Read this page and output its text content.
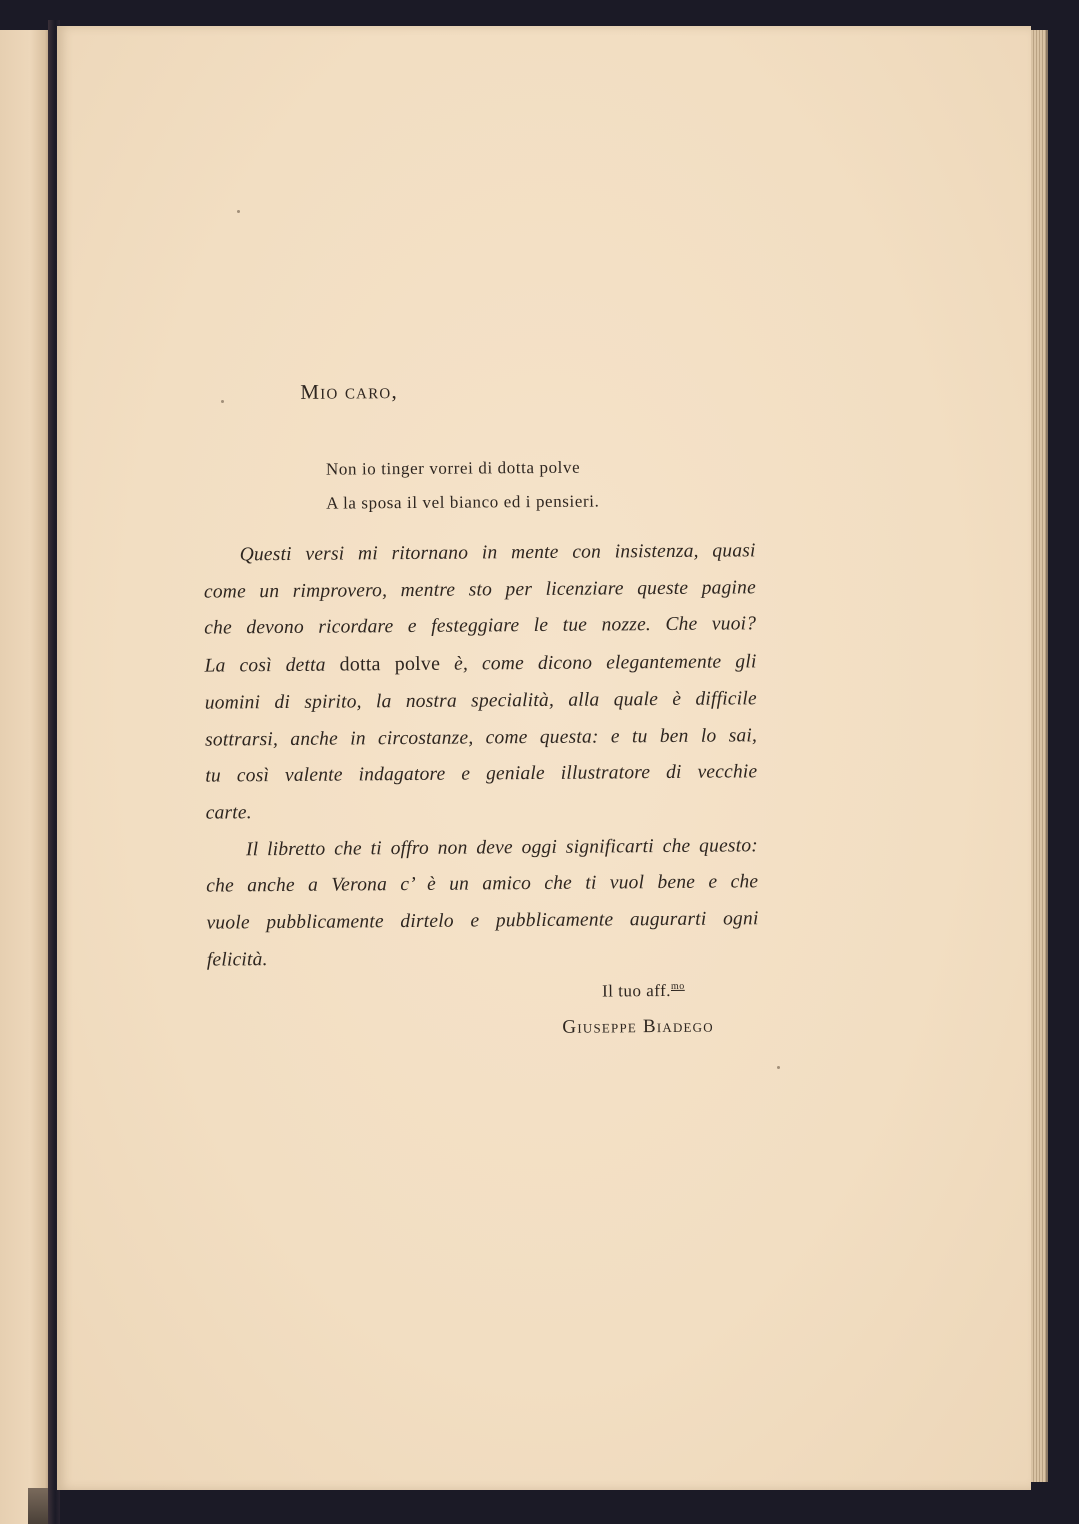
Mio caro,
Non io tinger vorrei di dotta polve
A la sposa il vel bianco ed i pensieri.
Questi versi mi ritornano in mente con insistenza, quasi
come un rimprovero, mentre sto per licenziare queste pagine
che devono ricordare e festeggiare le tue nozze. Che vuoi?
La così detta dotta polve è, come dicono elegantemente gli
uomini di spirito, la nostra specialità, alla quale è difficile
sottrarsi, anche in circostanze, come questa: e tu ben lo sai,
tu così valente indagatore e geniale illustratore di vecchie
carte.
Il libretto che ti offro non deve oggi significarti che questo:
che anche a Verona c’ è un amico che ti vuol bene e che
vuole pubblicamente dirtelo e pubblicamente augurarti ogni
felicità.
Il tuo aff.$^{mo}$
Giuseppe Biadego
